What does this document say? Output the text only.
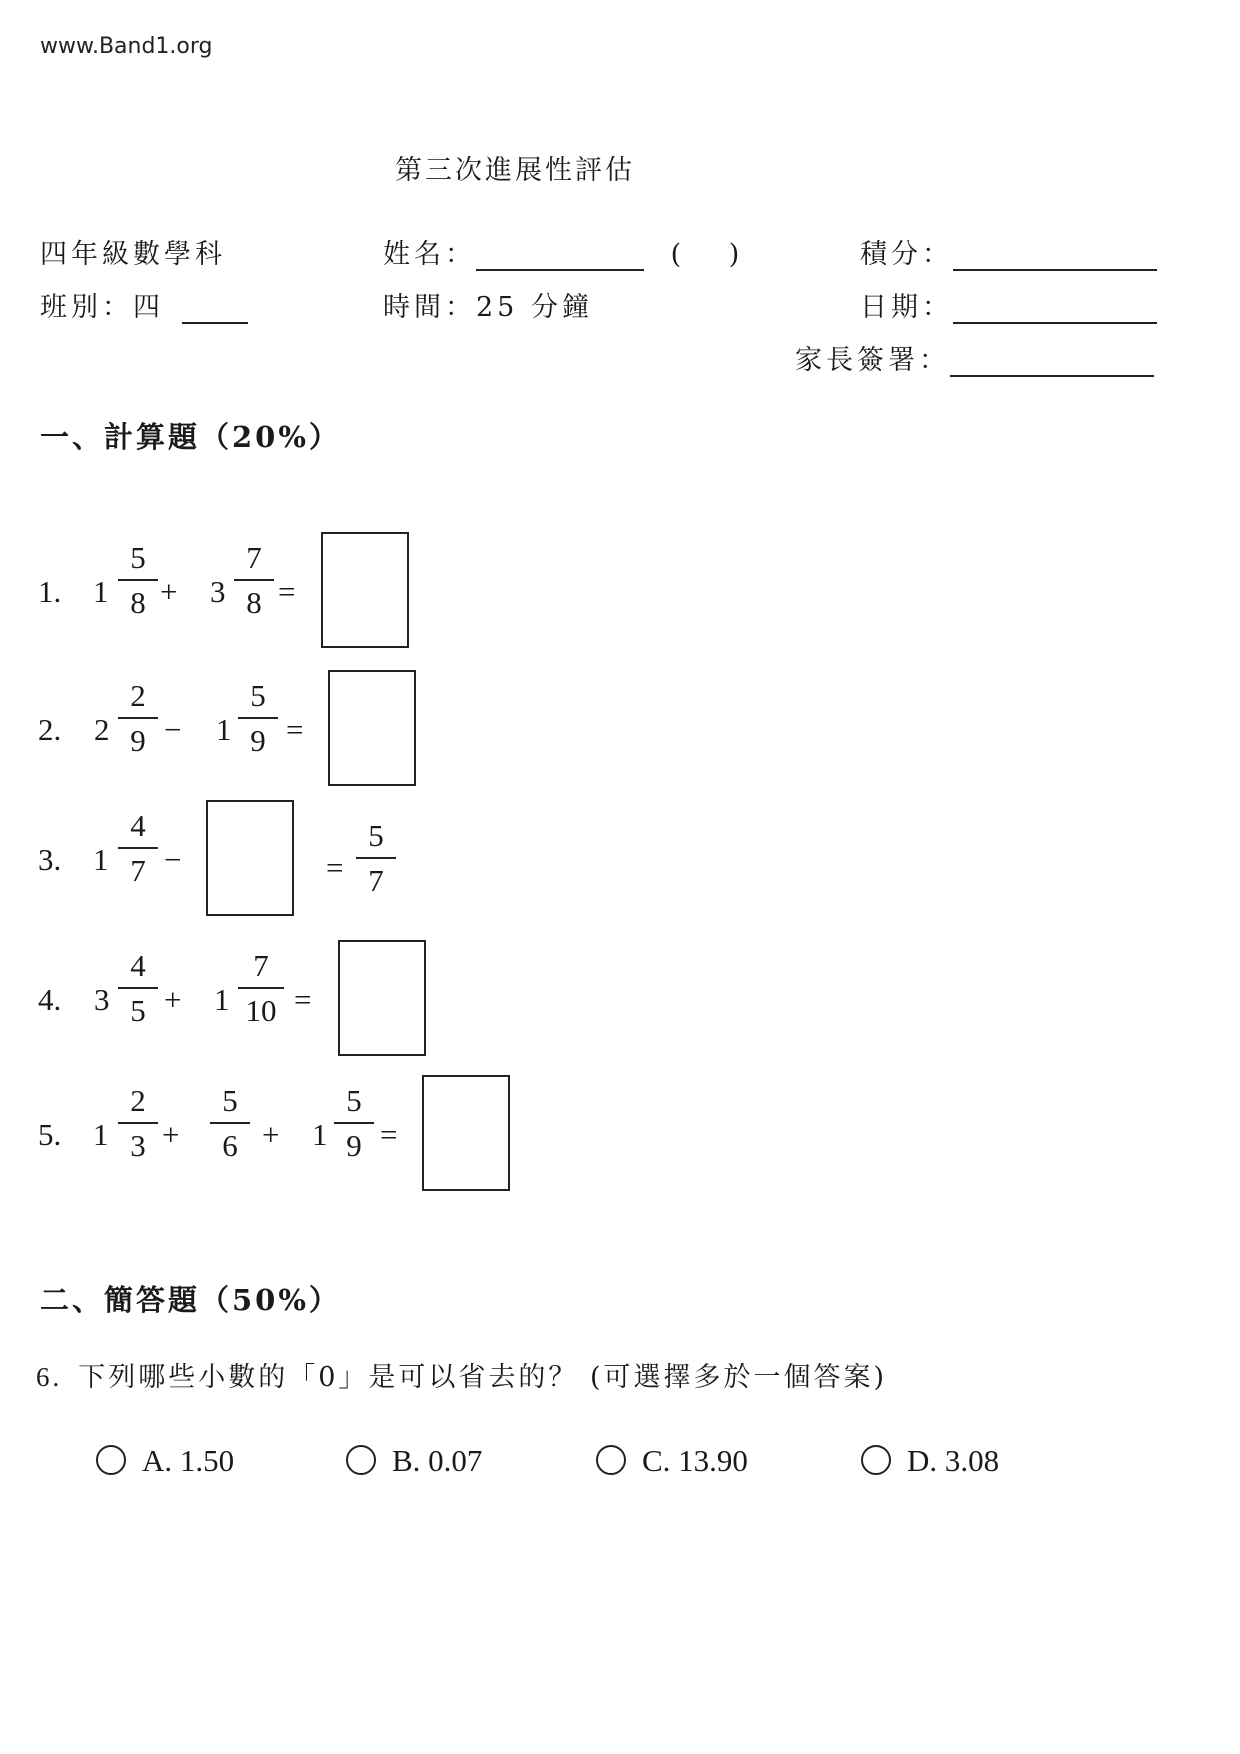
www.Band1.org
第三次進展性評估
四年級數學科	姓名：	(　 )	積分：
班別：四	時間：25 分鐘	日期：
家長簽署：
一、計算題（20%）
1. 1
5
8 + 3
7
8 =
2. 2
2
9 − 1
5
9 =
3. 1
4
7 −	=
5
7
4. 3
4
5 + 1
7
10 =
5. 1
2
3 +
5
6 + 1
5
9 =
二、簡答題（50%）
6. 下列哪些小數的「0」是可以省去的？ (可選擇多於一個答案)
A. 1.50	B. 0.07	C. 13.90	D. 3.08
